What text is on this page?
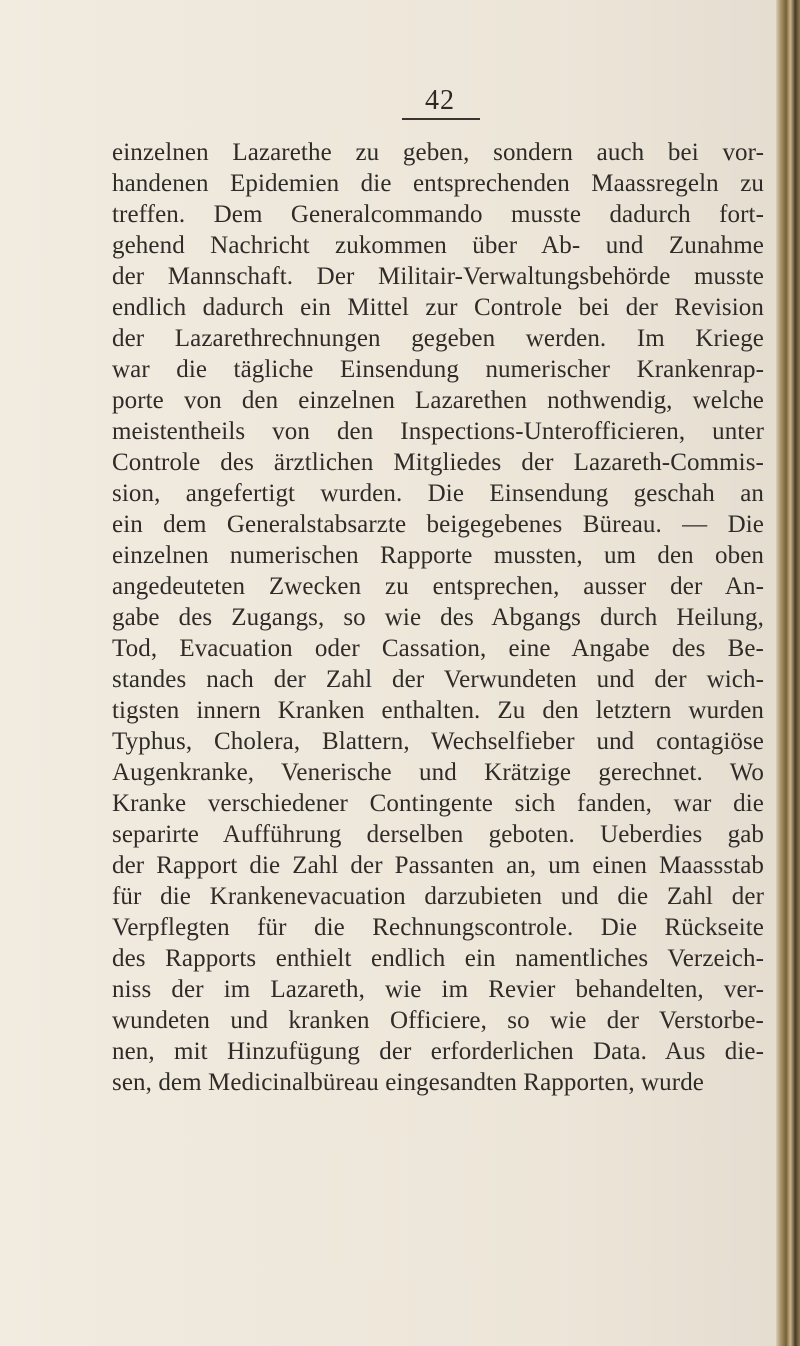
42
einzelnen Lazarethe zu geben, sondern auch bei vor-
handenen Epidemien die entsprechenden Maassregeln zu
treffen. Dem Generalcommando musste dadurch fort-
gehend Nachricht zukommen über Ab- und Zunahme
der Mannschaft. Der Militair-Verwaltungsbehörde musste
endlich dadurch ein Mittel zur Controle bei der Revision
der Lazarethrechnungen gegeben werden. Im Kriege
war die tägliche Einsendung numerischer Krankenrap-
porte von den einzelnen Lazarethen nothwendig, welche
meistentheils von den Inspections-Unterofficieren, unter
Controle des ärztlichen Mitgliedes der Lazareth-Commis-
sion, angefertigt wurden. Die Einsendung geschah an
ein dem Generalstabsarzte beigegebenes Büreau. — Die
einzelnen numerischen Rapporte mussten, um den oben
angedeuteten Zwecken zu entsprechen, ausser der An-
gabe des Zugangs, so wie des Abgangs durch Heilung,
Tod, Evacuation oder Cassation, eine Angabe des Be-
standes nach der Zahl der Verwundeten und der wich-
tigsten innern Kranken enthalten. Zu den letztern wurden
Typhus, Cholera, Blattern, Wechselfieber und contagiöse
Augenkranke, Venerische und Krätzige gerechnet. Wo
Kranke verschiedener Contingente sich fanden, war die
separirte Aufführung derselben geboten. Ueberdies gab
der Rapport die Zahl der Passanten an, um einen Maassstab
für die Krankenevacuation darzubieten und die Zahl der
Verpflegten für die Rechnungscontrole. Die Rückseite
des Rapports enthielt endlich ein namentliches Verzeich-
niss der im Lazareth, wie im Revier behandelten, ver-
wundeten und kranken Officiere, so wie der Verstorbe-
nen, mit Hinzufügung der erforderlichen Data. Aus die-
sen, dem Medicinalbüreau eingesandten Rapporten, wurde
